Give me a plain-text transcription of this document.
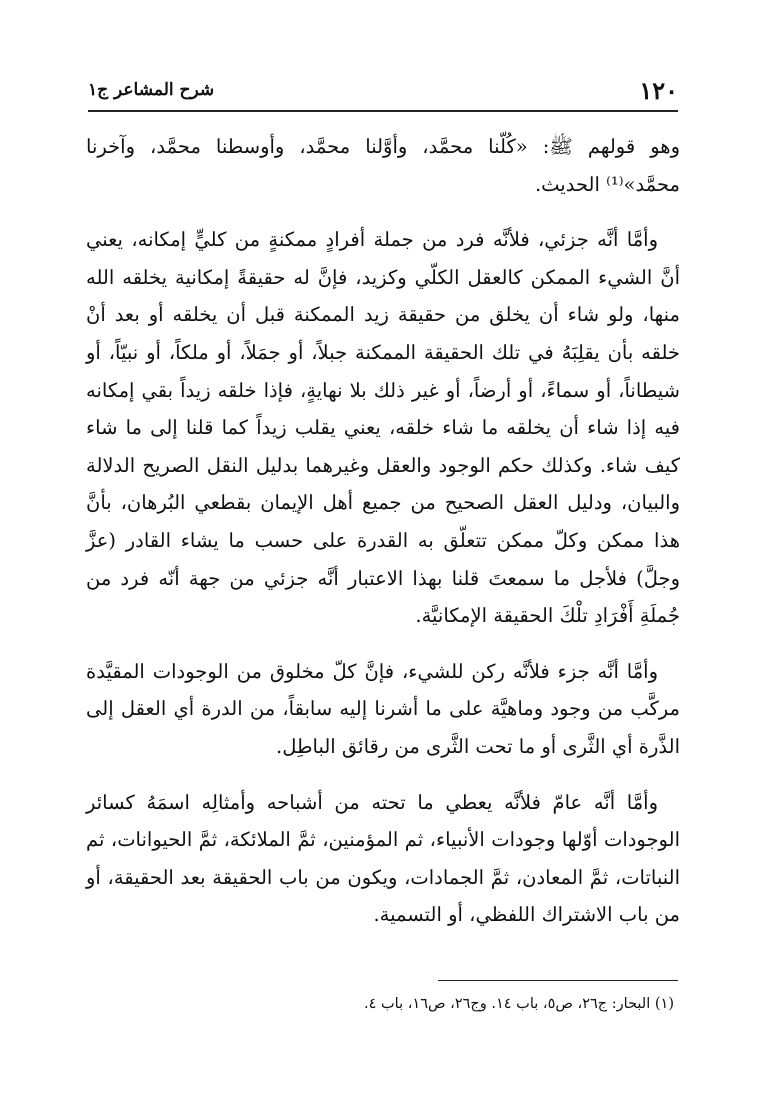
١٢٠
شرح المشاعر ج١

وهو قولهم ﷺ: «كُلّنا محمَّد، وأوَّلنا محمَّد، وأوسطنا محمَّد، وآخرنا محمَّد»⁽¹⁾ الحديث.

وأمَّا أنَّه جزئي، فلأنَّه فرد من جملة أفرادٍ ممكنةٍ من كليٍّ إمكانه، يعني أنَّ الشيء الممكن كالعقل الكلّي وكزيد، فإنَّ له حقيقةً إمكانية يخلقه الله منها، ولو شاء أن يخلق من حقيقة زيد الممكنة قبل أن يخلقه أو بعد أنْ خلقه بأن يقلِبَهُ في تلك الحقيقة الممكنة جبلاً، أو جمَلاً، أو ملكاً، أو نبيّاً، أو شيطاناً، أو سماءً، أو أرضاً، أو غير ذلك بلا نهايةٍ، فإذا خلقه زيداً بقي إمكانه فيه إذا شاء أن يخلقه ما شاء خلقه، يعني يقلب زيداً كما قلنا إلى ما شاء كيف شاء. وكذلك حكم الوجود والعقل وغيرهما بدليل النقل الصريح الدلالة والبيان، ودليل العقل الصحيح من جميع أهل الإيمان بقطعي البُرهان، بأنَّ هذا ممكن وكلّ ممكن تتعلّق به القدرة على حسب ما يشاء القادر (عزَّ وجلَّ) فلأجل ما سمعتَ قلنا بهذا الاعتبار أنَّه جزئي من جهة أنّه فرد من جُملَةِ أَفْرَادِ تلْكَ الحقيقة الإمكانيَّة.

وأمَّا أنَّه جزء فلأنَّه ركن للشيء، فإنَّ كلّ مخلوق من الوجودات المقيَّدة مركَّب من وجود وماهيَّة على ما أشرنا إليه سابقاً، من الدرة أي العقل إلى الذَّرة أي الثَّرى أو ما تحت الثَّرى من رقائق الباطِل.

وأمَّا أنَّه عامّ فلأنَّه يعطي ما تحته من أشباحه وأمثالِه اسمَهُ كسائر الوجودات أوّلها وجودات الأنبياء، ثم المؤمنين، ثمَّ الملائكة، ثمَّ الحيوانات، ثم النباتات، ثمَّ المعادن، ثمَّ الجمادات، ويكون من باب الحقيقة بعد الحقيقة، أو من باب الاشتراك اللفظي، أو التسمية.

(١) البحار: ج٢٦، ص٥، باب ١٤. وج٢٦، ص١٦، باب ٤.
